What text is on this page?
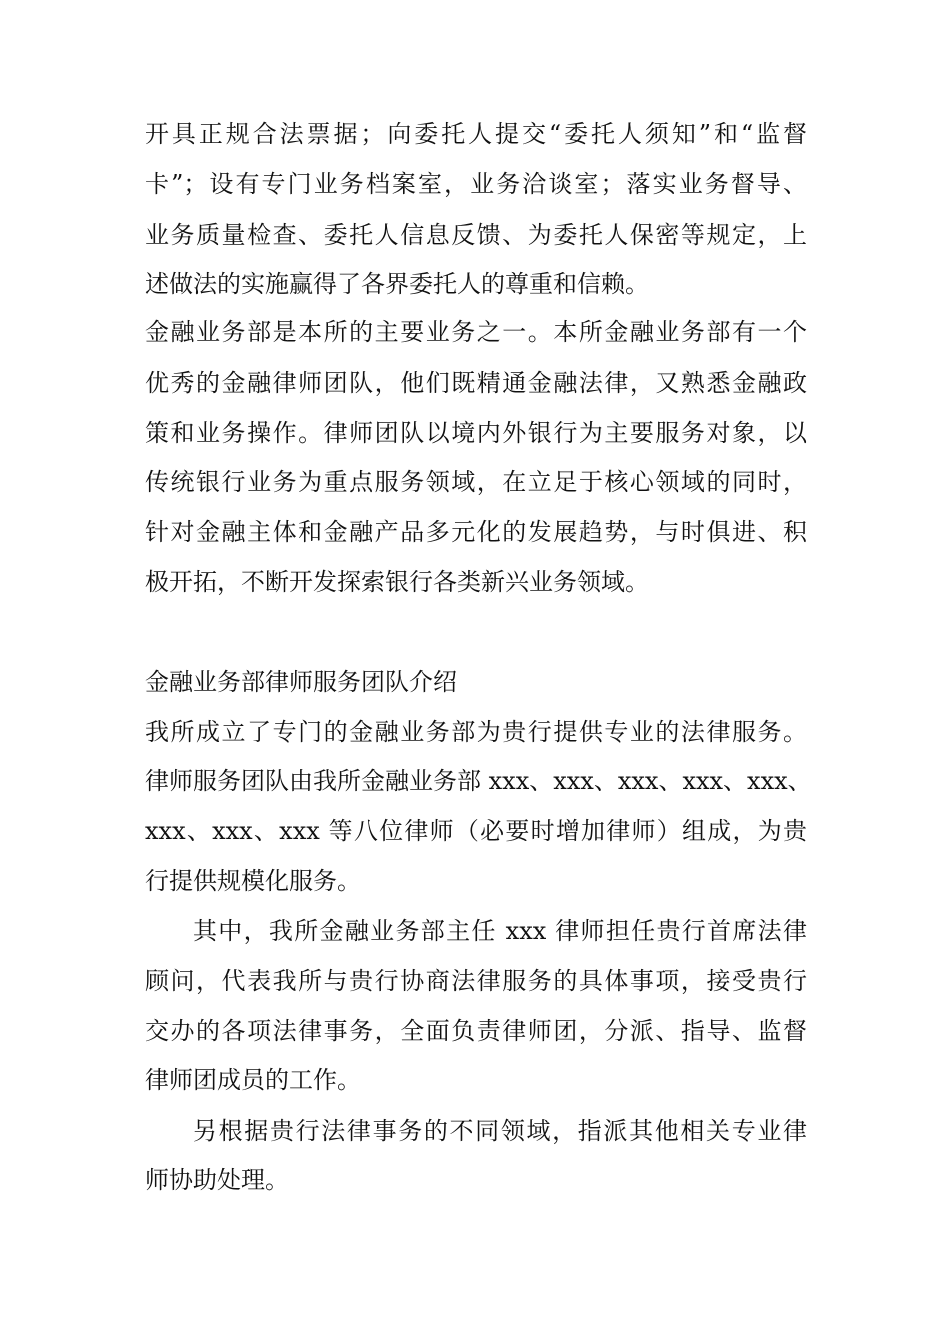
开具正规合法票据；向委托人提交“委托人须知”和“监督

卡”；设有专门业务档案室，业务洽谈室；落实业务督导、

业务质量检查、委托人信息反馈、为委托人保密等规定，上

述做法的实施赢得了各界委托人的尊重和信赖。

金融业务部是本所的主要业务之一。本所金融业务部有一个

优秀的金融律师团队，他们既精通金融法律，又熟悉金融政

策和业务操作。律师团队以境内外银行为主要服务对象，以

传统银行业务为重点服务领域，在立足于核心领域的同时，

针对金融主体和金融产品多元化的发展趋势，与时俱进、积

极开拓，不断开发探索银行各类新兴业务领域。

金融业务部律师服务团队介绍

我所成立了专门的金融业务部为贵行提供专业的法律服务。

律师服务团队由我所金融业务部 xxx、xxx、xxx、xxx、xxx、

xxx、xxx、xxx 等八位律师（必要时增加律师）组成，为贵

行提供规模化服务。

其中，我所金融业务部主任 xxx 律师担任贵行首席法律

顾问，代表我所与贵行协商法律服务的具体事项，接受贵行

交办的各项法律事务，全面负责律师团，分派、指导、监督

律师团成员的工作。

另根据贵行法律事务的不同领域，指派其他相关专业律

师协助处理。
